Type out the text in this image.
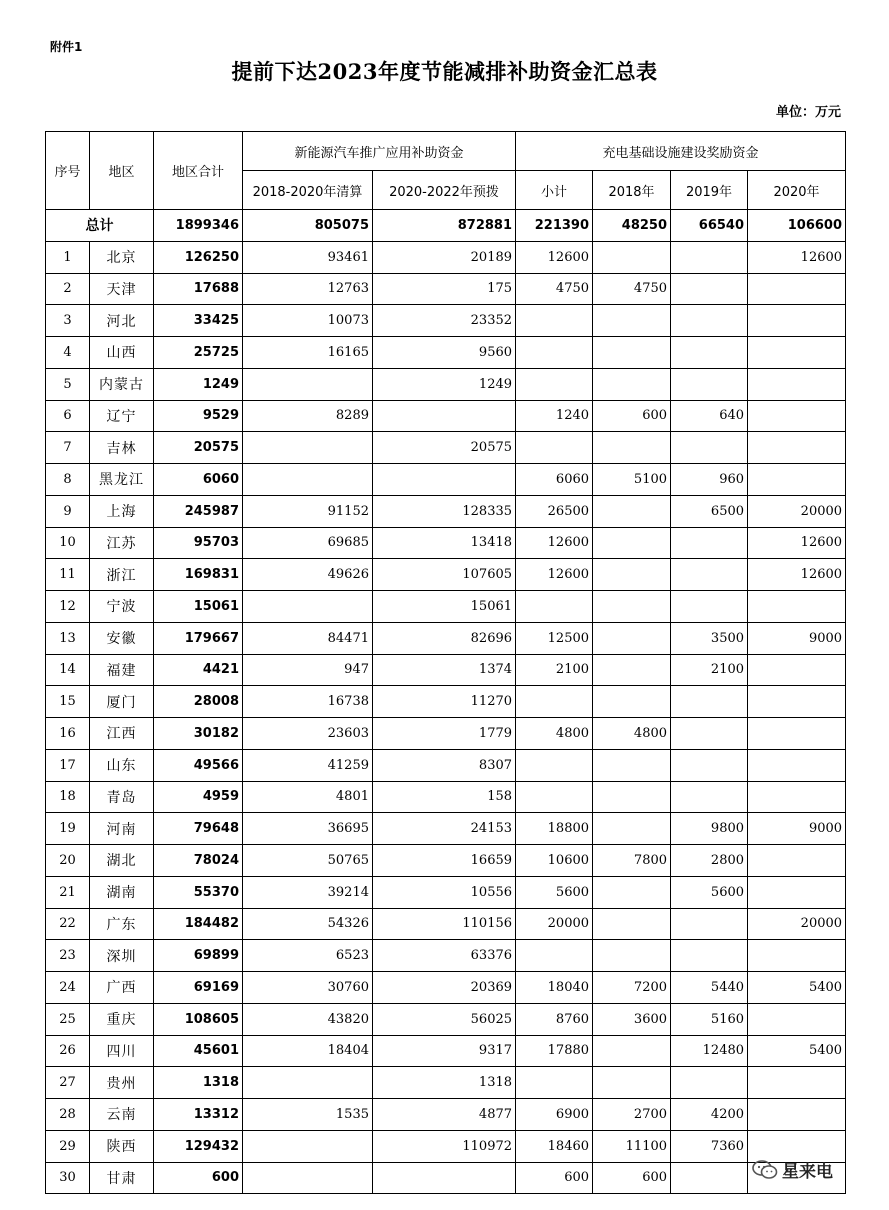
附件1
提前下达2023年度节能减排补助资金汇总表
单位：万元
序号	地区	地区合计	新能源汽车推广应用补助资金		充电基础设施建设奖励资金			
			2018-2020年清算	2020-2022年预拨	小计	2018年	2019年	2020年
总计		1899346	805075	872881	221390	48250	66540	106600
1	北京	126250	93461	20189	12600			12600
2	天津	17688	12763	175	4750	4750		
3	河北	33425	10073	23352				
4	山西	25725	16165	9560				
5	内蒙古	1249		1249				
6	辽宁	9529	8289		1240	600	640	
7	吉林	20575		20575				
8	黑龙江	6060			6060	5100	960	
9	上海	245987	91152	128335	26500		6500	20000
10	江苏	95703	69685	13418	12600			12600
11	浙江	169831	49626	107605	12600			12600
12	宁波	15061		15061				
13	安徽	179667	84471	82696	12500		3500	9000
14	福建	4421	947	1374	2100		2100	
15	厦门	28008	16738	11270				
16	江西	30182	23603	1779	4800	4800		
17	山东	49566	41259	8307				
18	青岛	4959	4801	158				
19	河南	79648	36695	24153	18800		9800	9000
20	湖北	78024	50765	16659	10600	7800	2800	
21	湖南	55370	39214	10556	5600		5600	
22	广东	184482	54326	110156	20000			20000
23	深圳	69899	6523	63376				
24	广西	69169	30760	20369	18040	7200	5440	5400
25	重庆	108605	43820	56025	8760	3600	5160	
26	四川	45601	18404	9317	17880		12480	5400
27	贵州	1318		1318				
28	云南	13312	1535	4877	6900	2700	4200	
29	陕西	129432		110972	18460	11100	7360	
30	甘肃	600			600	600			星来电
